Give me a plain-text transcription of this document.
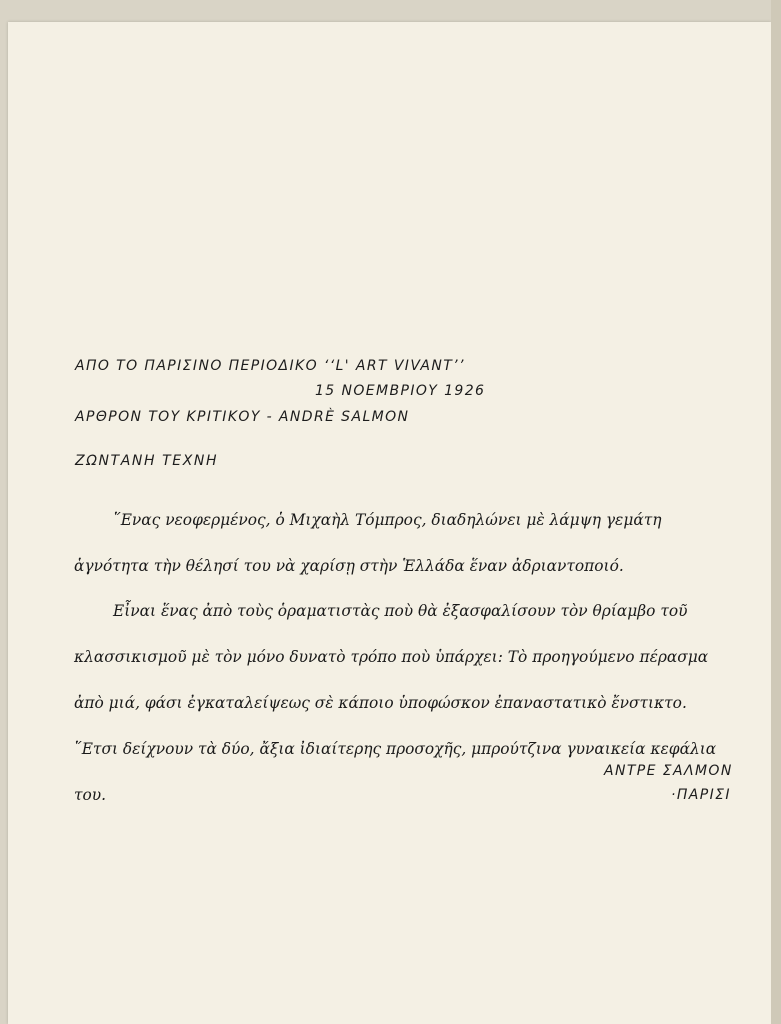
ΑΠΟ ΤΟ ΠΑΡΙΣΙΝΟ ΠΕΡΙΟΔΙΚΟ ‘‘L' ART VIVANT’’
15 ΝΟΕΜΒΡΙΟΥ 1926
ΑΡΘΡΟΝ ΤΟΥ ΚΡΙΤΙΚΟΥ - ANDRÈ SALMON
ΖΩΝΤΑΝΗ ΤΕΧΝΗ

῞Ενας νεοφερμένος, ὁ Μιχαὴλ Τόμπρος, διαδηλώνει μὲ λάμψη γεμάτη ἁγνότητα τὴν θέλησί του νὰ χαρίσῃ στὴν Ἑλλάδα ἕναν ἀδριαντοποιό.

Εἶναι ἕνας ἀπὸ τοὺς ὁραματιστὰς ποὺ θὰ ἐξασφαλίσουν τὸν θρίαμβο τοῦ κλασσικισμοῦ μὲ τὸν μόνο δυνατὸ τρόπο ποὺ ὑπάρχει: Τὸ προηγούμενο πέρασμα ἀπὸ μιά, φάσι ἐγκαταλείψεως σὲ κάποιο ὑποφώσκον ἐπαναστατικὸ ἔνστικτο. ῞Ετσι δείχνουν τὰ δύο, ἄξια ἰδιαίτερης προσοχῆς, μπρούτζινα γυναικεία κεφάλια του.

ΑΝΤΡΕ ΣΑΛΜΟΝ
·ΠΑΡΙΣΙ
